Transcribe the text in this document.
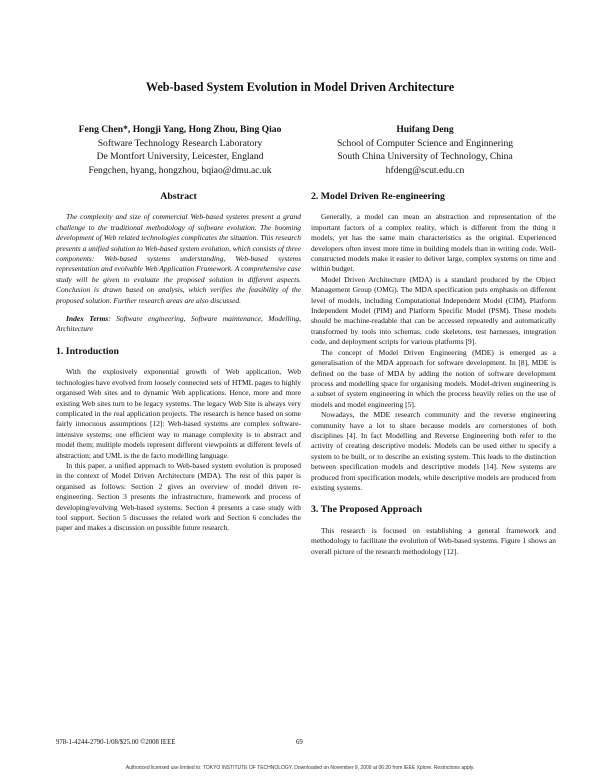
Web-based System Evolution in Model Driven Architecture
Feng Chen*, Hongji Yang, Hong Zhou, Bing Qiao
Software Technology Research Laboratory
De Montfort University, Leicester, England
Fengchen, hyang, hongzhou, bqiao@dmu.ac.uk
Huifang Deng
School of Computer Science and Enginnering
South China University of Technology, China
hfdeng@scut.edu.cn
Abstract

The complexity and size of commercial Web-based systems present a grand challenge to the traditional methodology of software evolution. The booming development of Web related technologies complicates the situation. This research presents a unified solution to Web-based system evolution, which consists of three components: Web-based systems understanding, Web-based systems representation and evolvable Web Application Framework. A comprehensive case study will be given to evaluate the proposed solution in different aspects. Conclusion is drawn based on analysis, which verifies the feasibility of the proposed solution. Further research areas are also discussed.

Index Terms: Software engineering, Software maintenance, Modelling, Architecture

1. Introduction

With the explosively exponential growth of Web application, Web technologies have evolved from loosely connected sets of HTML pages to highly organised Web sites and to dynamic Web applications. Hence, more and more existing Web sites turn to be legacy systems. The legacy Web Site is always very complicated in the real application projects. The research is hence based on some fairly innocuous assumptions [12]: Web-based systems are complex software-intensive systems; one efficient way to manage complexity is to abstract and model them; multiple models represent different viewpoints at different levels of abstraction; and UML is the de facto modelling language.

In this paper, a unified approach to Web-based system evolution is proposed in the context of Model Driven Architecture (MDA). The rest of this paper is organised as follows: Section 2 gives an overview of model driven re-engineering. Section 3 presents the infrastructure, framework and process of developing/evolving Web-based systems. Section 4 presents a case study with tool support. Section 5 discusses the related work and Section 6 concludes the paper and makes a discussion on possible future research.

2. Model Driven Re-engineering

Generally, a model can mean an abstraction and representation of the important factors of a complex reality, which is different from the thing it models, yet has the same main characteristics as the original. Experienced developers often invest more time in building models than in writing code. Well-constructed models make it easier to deliver large, complex systems on time and within budget.

Model Driven Architecture (MDA) is a standard produced by the Object Management Group (OMG). The MDA specification puts emphasis on different level of models, including Computational Independent Model (CIM), Platform Independent Model (PIM) and Platform Specific Model (PSM). These models should be machine-readable that can be accessed repeatedly and automatically transformed by tools into schemas, code skeletons, test harnesses, integration code, and deployment scripts for various platforms [9].

The concept of Model Driven Engineering (MDE) is emerged as a generalisation of the MDA approach for software development. In [8], MDE is defined on the base of MDA by adding the notion of software development process and modelling space for organising models. Model-driven engineering is a subset of system engineering in which the process heavily relies on the use of models and model engineering [5].

Nowadays, the MDE research community and the reverse engineering community have a lot to share because models are cornerstones of both disciplines [4]. In fact Modelling and Reverse Engineering both refer to the activity of creating descriptive models. Models can be used either to specify a system to be built, or to describe an existing system. This leads to the distinction between specification models and descriptive models [14]. New systems are produced from specification models, while descriptive models are produced from existing systems.

3. The Proposed Approach

This research is focused on establishing a general framework and methodology to facilitate the evolution of Web-based systems. Figure 1 shows an overall picture of the research methodology [12].

978-1-4244-2790-1/08/$25.00 ©2008 IEEE	69
Authorized licensed use limited to: TOKYO INSTITUTE OF TECHNOLOGY. Downloaded on November 9, 2009 at 06:20 from IEEE Xplore. Restrictions apply.
